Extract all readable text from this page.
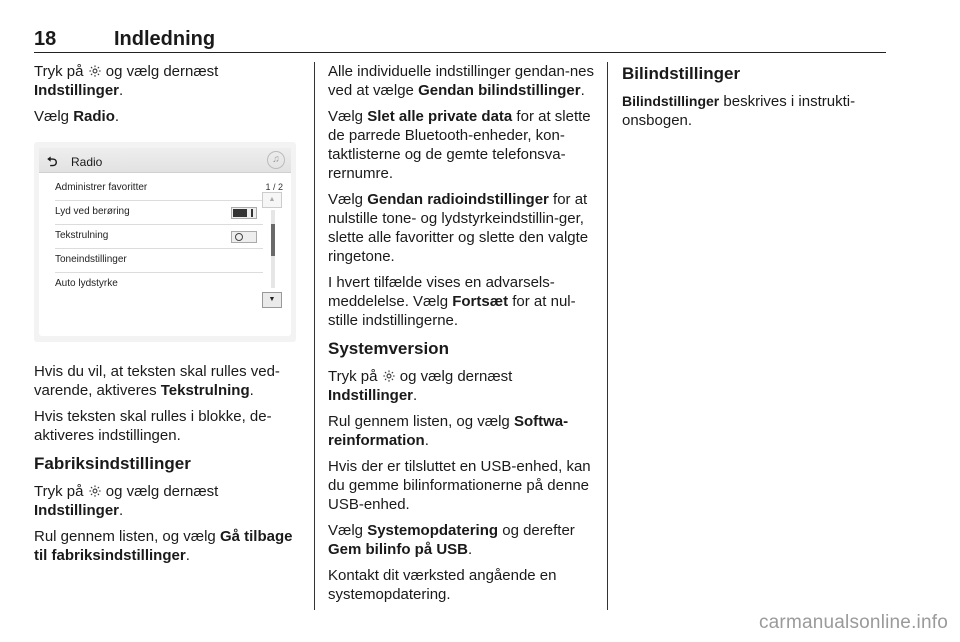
18	Indledning

Tryk på  og vælg dernæst
Indstillinger.

Vælg Radio.

⮌ Radio	♫
Administrer favoritter
Lyd ved berøring
Tekstrulning
Toneindstillinger
Auto lydstyrke
1 / 2
▲
▼

Hvis du vil, at teksten skal rulles ved-varende, aktiveres Tekstrulning.

Hvis teksten skal rulles i blokke, de-aktiveres indstillingen.

Fabriksindstillinger

Tryk på  og vælg dernæst
Indstillinger.

Rul gennem listen, og vælg Gå tilbage til fabriksindstillinger.

Alle individuelle indstillinger gendan-nes ved at vælge Gendan bilindstillinger.

Vælg Slet alle private data for at slette de parrede Bluetooth-enheder, kon-taktlisterne og de gemte telefonsva-rernumre.

Vælg Gendan radioindstillinger for at nulstille tone- og lydstyrkeindstillin-ger, slette alle favoritter og slette den valgte ringetone.

I hvert tilfælde vises en advarsels-meddelelse. Vælg Fortsæt for at nul-stille indstillingerne.

Systemversion

Tryk på  og vælg dernæst
Indstillinger.

Rul gennem listen, og vælg Softwa-reinformation.

Hvis der er tilsluttet en USB-enhed, kan du gemme bilinformationerne på denne USB-enhed.

Vælg Systemopdatering og derefter Gem bilinfo på USB.

Kontakt dit værksted angående en systemopdatering.

Bilindstillinger

Bilindstillinger beskrives i instrukti-onsbogen.

carmanualsonline.info
